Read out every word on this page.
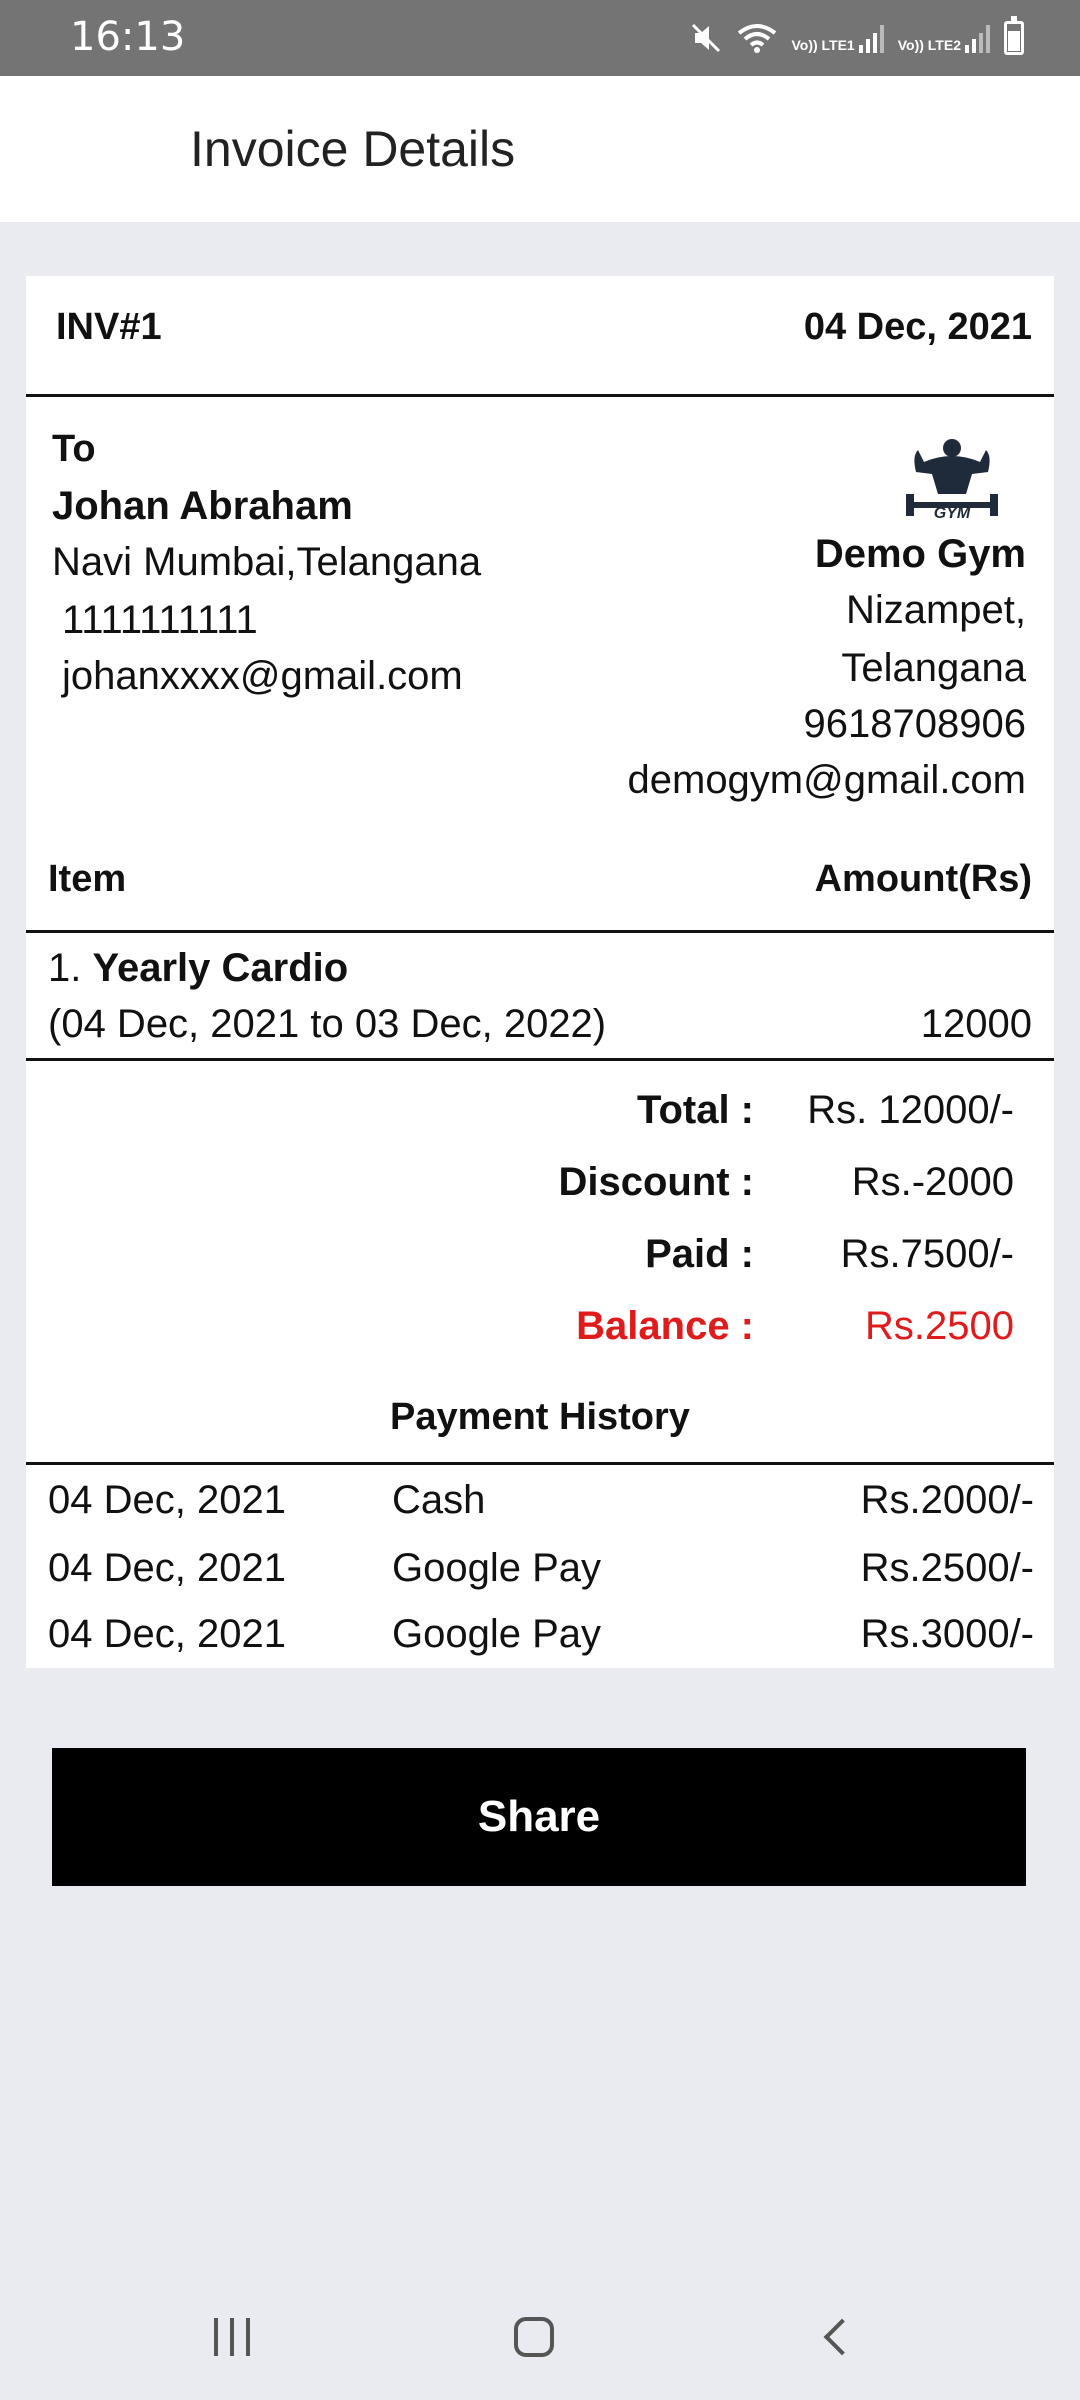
16:13	Vo)) LTE1	Vo)) LTE2
Invoice Details
INV#1	04 Dec, 2021
To
Johan Abraham
Navi Mumbai,Telangana
1111111111
johanxxxx@gmail.com
GYM
Demo Gym
Nizampet,
Telangana
9618708906
demogym@gmail.com
Item	Amount(Rs)
1. Yearly Cardio
(04 Dec, 2021 to 03 Dec, 2022)	12000
Total : Rs. 12000/-
Discount : Rs.-2000
Paid : Rs.7500/-
Balance :	Rs.2500
Payment History
04 Dec, 2021	Cash	Rs.2000/-
04 Dec, 2021	Google Pay	Rs.2500/-
04 Dec, 2021	Google Pay	Rs.3000/-
Share
